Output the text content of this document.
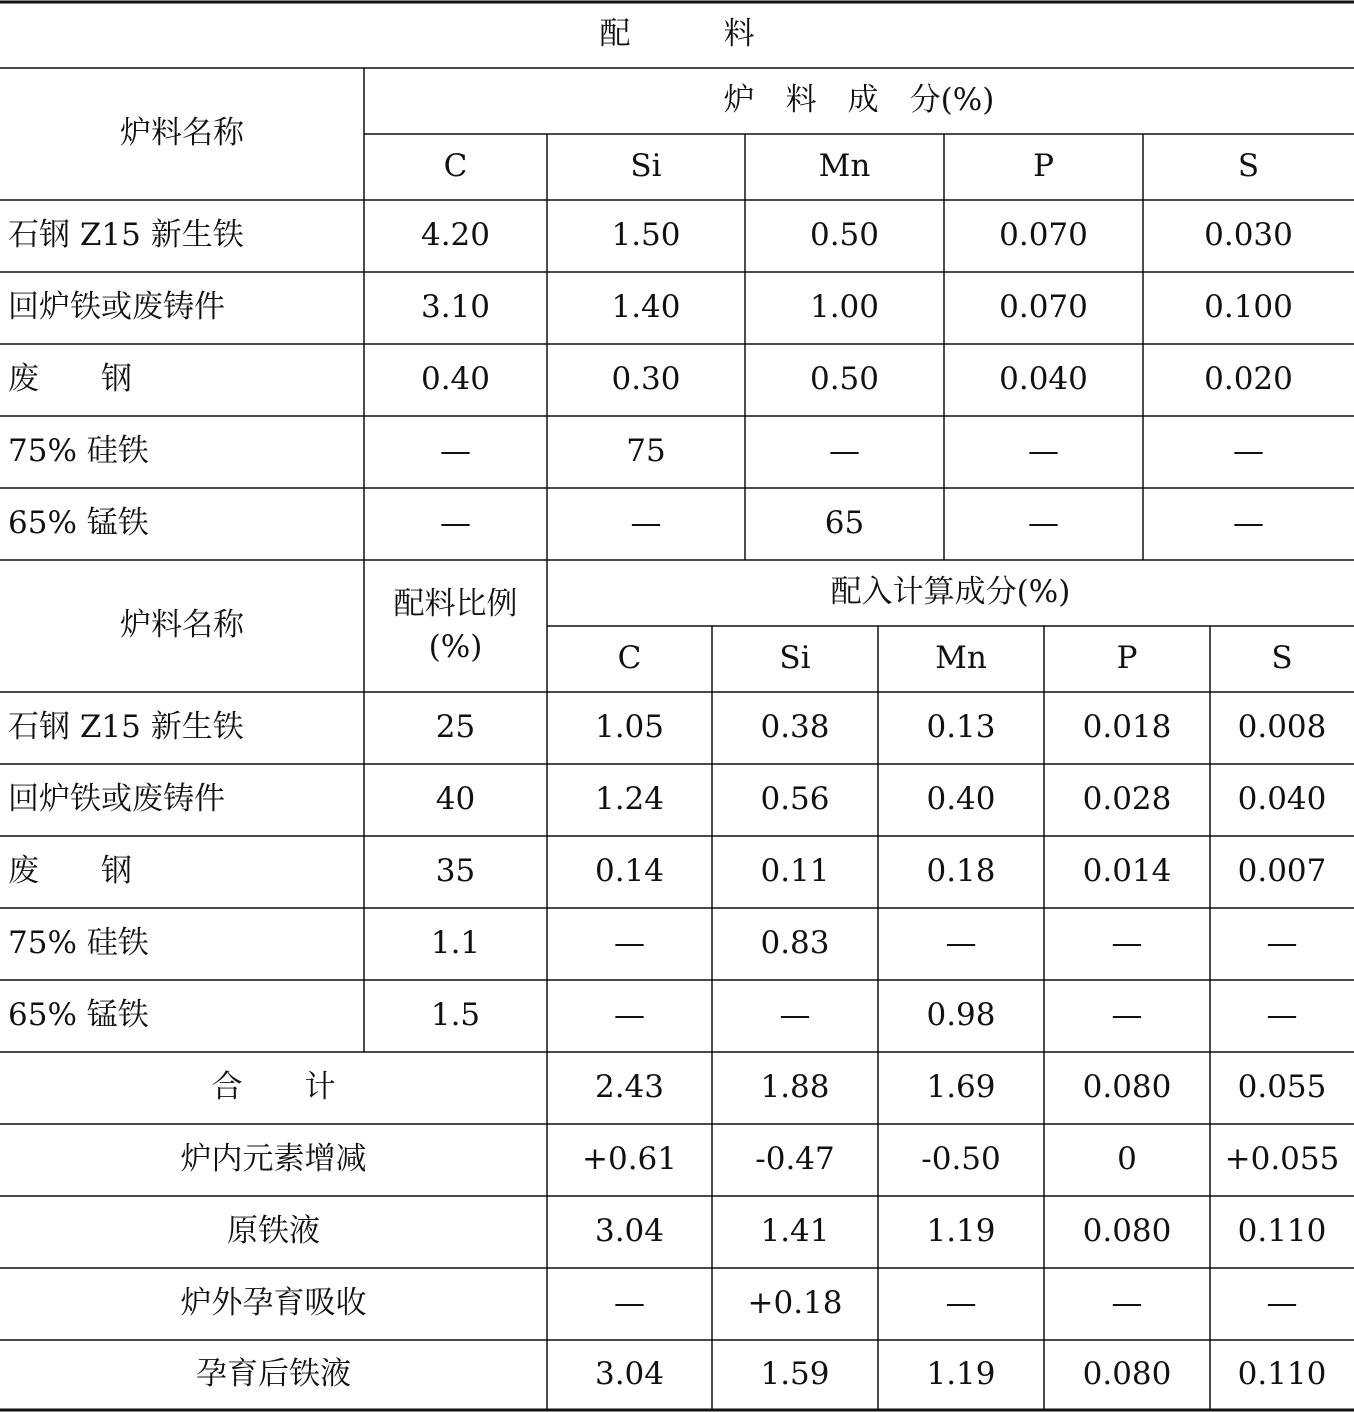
配　　　料
炉料名称
炉　料　成　分(%)
C	Si	Mn	P	S
石钢 Z15 新生铁	4.20	1.50	0.50	0.070	0.030
回炉铁或废铸件	3.10	1.40	1.00	0.070	0.100
废　　钢	0.40	0.30	0.50	0.040	0.020
75% 硅铁	—	75	—	—	—
65% 锰铁	—	—	65	—	—
炉料名称
配料比例
(%)
配入计算成分(%)
C	Si	Mn	P	S
石钢 Z15 新生铁	25	1.05	0.38	0.13	0.018	0.008
回炉铁或废铸件	40	1.24	0.56	0.40	0.028	0.040
废　　钢	35	0.14	0.11	0.18	0.014	0.007
75% 硅铁	1.1	—	0.83	—	—	—
65% 锰铁	1.5	—	—	0.98	—	—
合　　计	2.43	1.88	1.69	0.080	0.055
炉内元素增减	+0.61	-0.47	-0.50	0	+0.055
原铁液	3.04	1.41	1.19	0.080	0.110
炉外孕育吸收	—	+0.18	—	—	—
孕育后铁液	3.04	1.59	1.19	0.080	0.110
